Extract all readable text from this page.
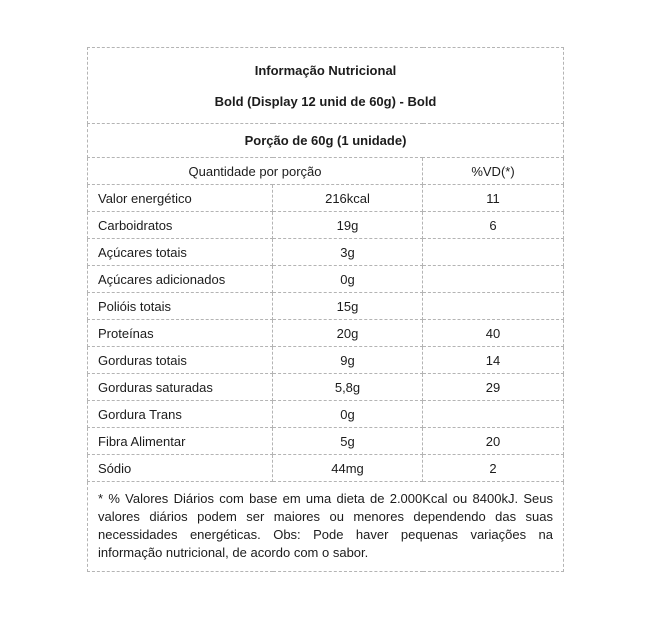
Informação Nutricional

Bold (Display 12 unid de 60g) - Bold		

Porção de 60g (1 unidade)		
Quantidade por porção		%VD(*)
Valor energético	216kcal	11
Carboidratos	19g	6
Açúcares totais	3g	
Açúcares adicionados	0g	
Polióis totais	15g	
Proteínas	20g	40
Gorduras totais	9g	14
Gorduras saturadas	5,8g	29
Gordura Trans	0g	
Fibra Alimentar	5g	20
Sódio	44mg	2
* % Valores Diários com base em uma dieta de 2.000Kcal ou 8400kJ. Seus valores diários podem ser maiores ou menores dependendo das suas necessidades energéticas. Obs: Pode haver pequenas variações na informação nutricional, de acordo com o sabor.		
